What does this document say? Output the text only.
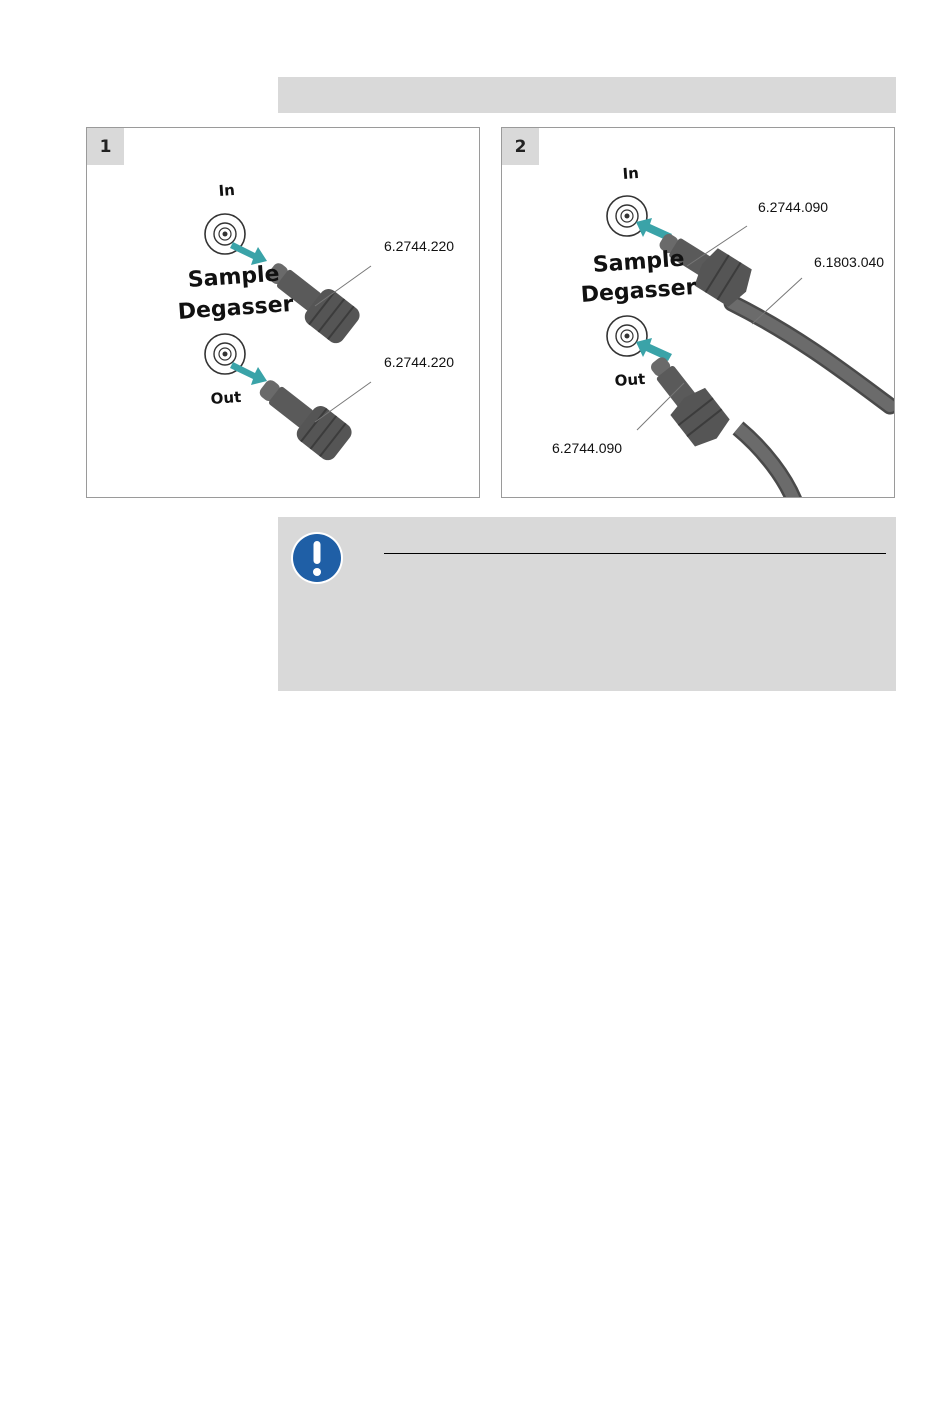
1
In
Sample
Degasser
Out
6.2744.220
6.2744.220
2
In
Sample
Degasser
Out
6.2744.090
6.1803.040
6.2744.090
